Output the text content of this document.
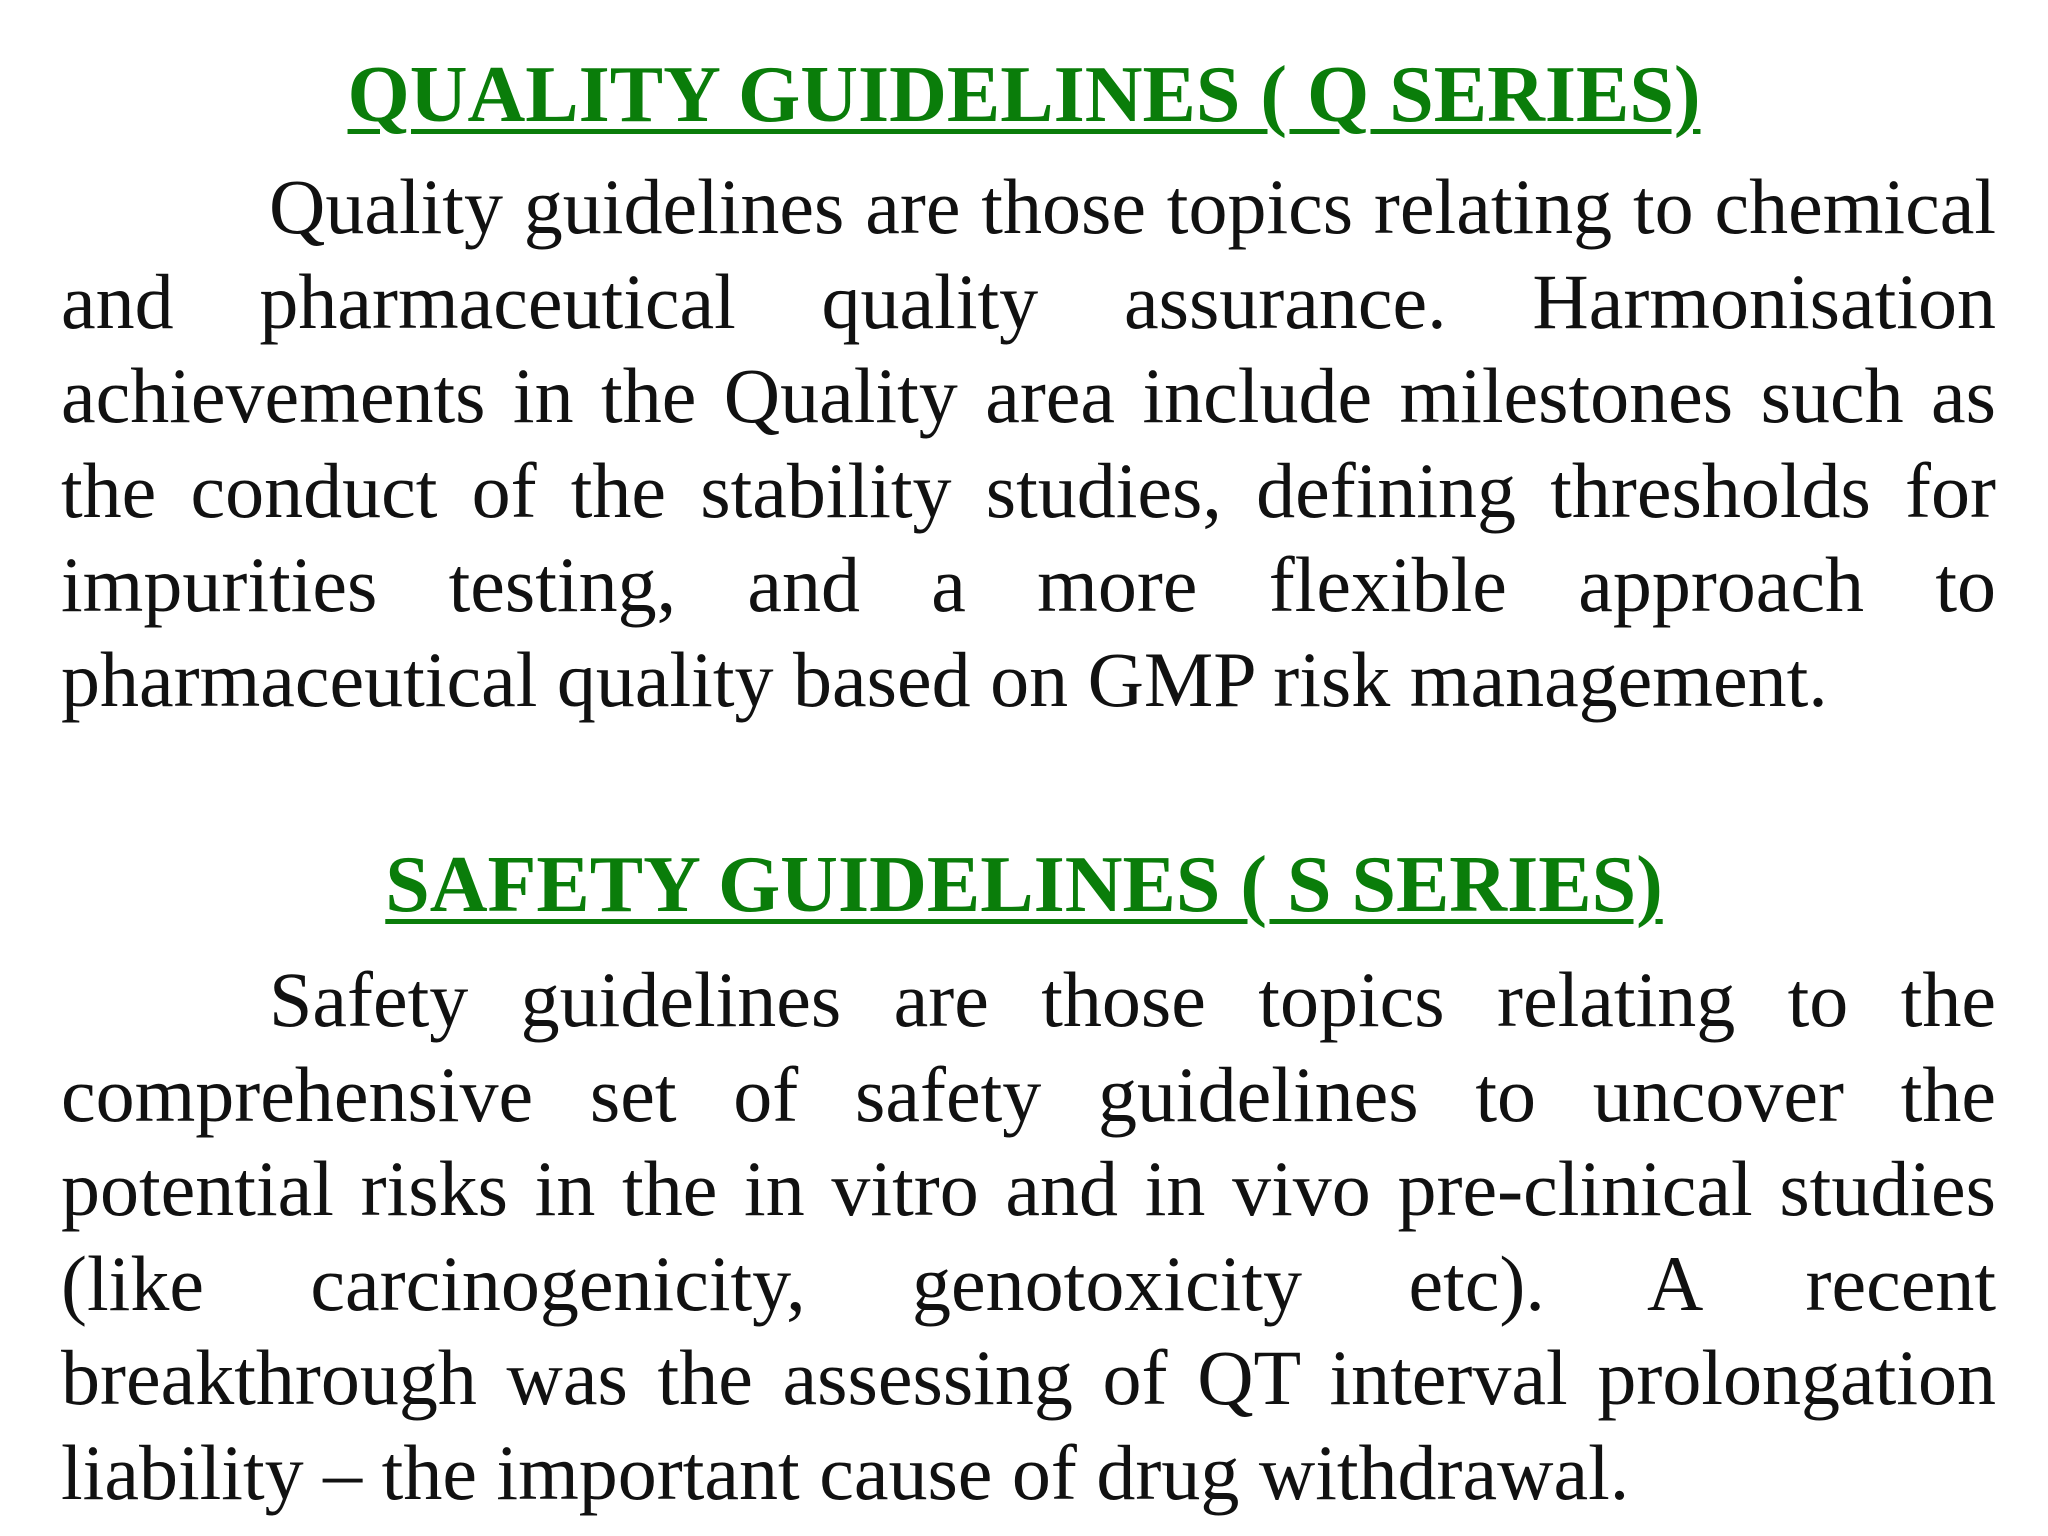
QUALITY GUIDELINES ( Q SERIES)

Quality guidelines are those topics relating to chemical and pharmaceutical quality assurance. Harmonisation achievements in the Quality area include milestones such as the conduct of the stability studies, defining thresholds for impurities testing, and a more flexible approach to pharmaceutical quality based on GMP risk management.

SAFETY GUIDELINES ( S SERIES)

Safety guidelines are those topics relating to the comprehensive set of safety guidelines to uncover the potential risks in the in vitro and in vivo pre-clinical studies (like carcinogenicity, genotoxicity etc). A recent breakthrough was the assessing of QT interval prolongation liability – the important cause of drug withdrawal.
